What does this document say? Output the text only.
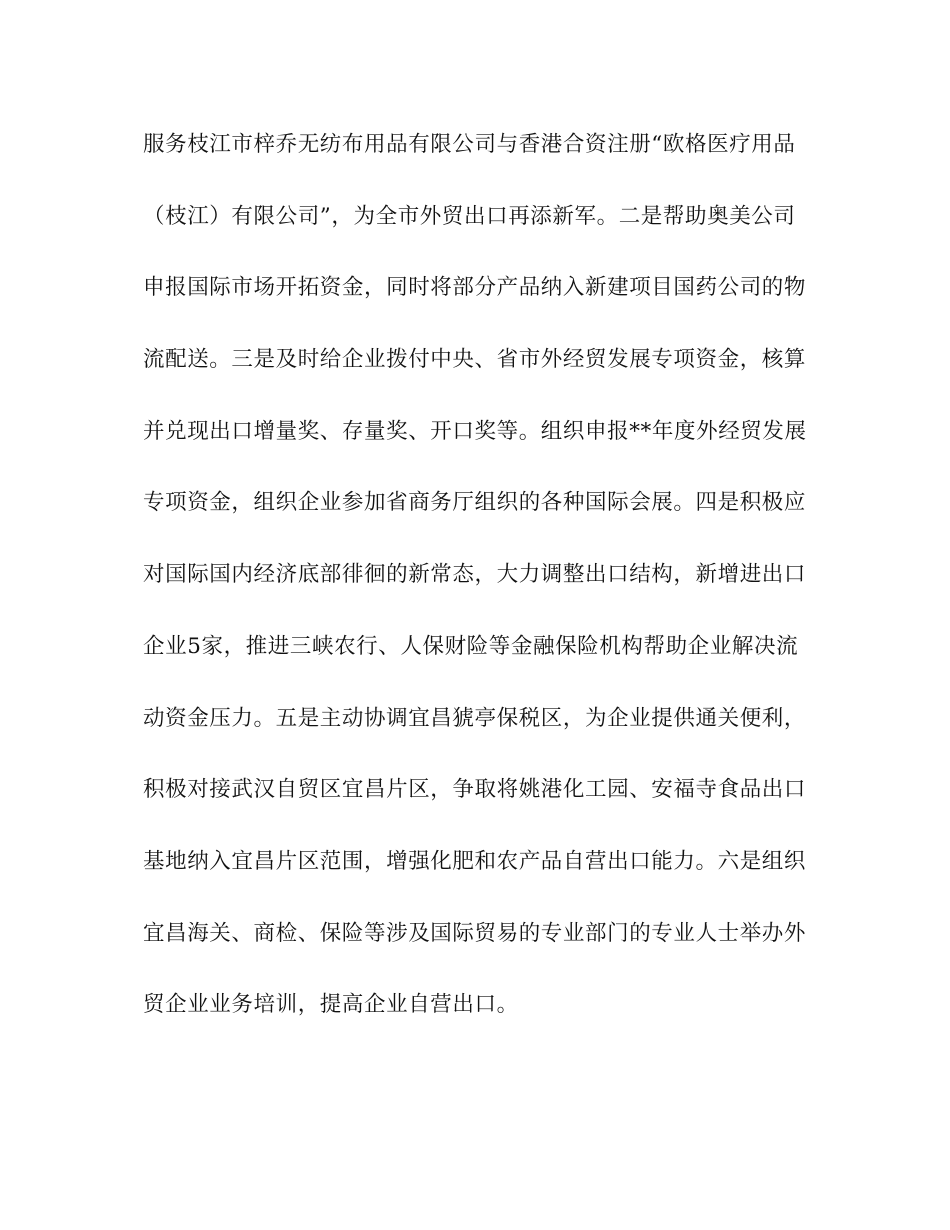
服务枝江市梓乔无纺布用品有限公司与香港合资注册“欧格医疗用品
（枝江）有限公司”，为全市外贸出口再添新军。二是帮助奥美公司
申报国际市场开拓资金，同时将部分产品纳入新建项目国药公司的物
流配送。三是及时给企业拨付中央、省市外经贸发展专项资金，核算
并兑现出口增量奖、存量奖、开口奖等。组织申报**年度外经贸发展
专项资金，组织企业参加省商务厅组织的各种国际会展。四是积极应
对国际国内经济底部徘徊的新常态，大力调整出口结构，新增进出口
企业5家，推进三峡农行、人保财险等金融保险机构帮助企业解决流
动资金压力。五是主动协调宜昌猇亭保税区，为企业提供通关便利，
积极对接武汉自贸区宜昌片区，争取将姚港化工园、安福寺食品出口
基地纳入宜昌片区范围，增强化肥和农产品自营出口能力。六是组织
宜昌海关、商检、保险等涉及国际贸易的专业部门的专业人士举办外
贸企业业务培训，提高企业自营出口。
